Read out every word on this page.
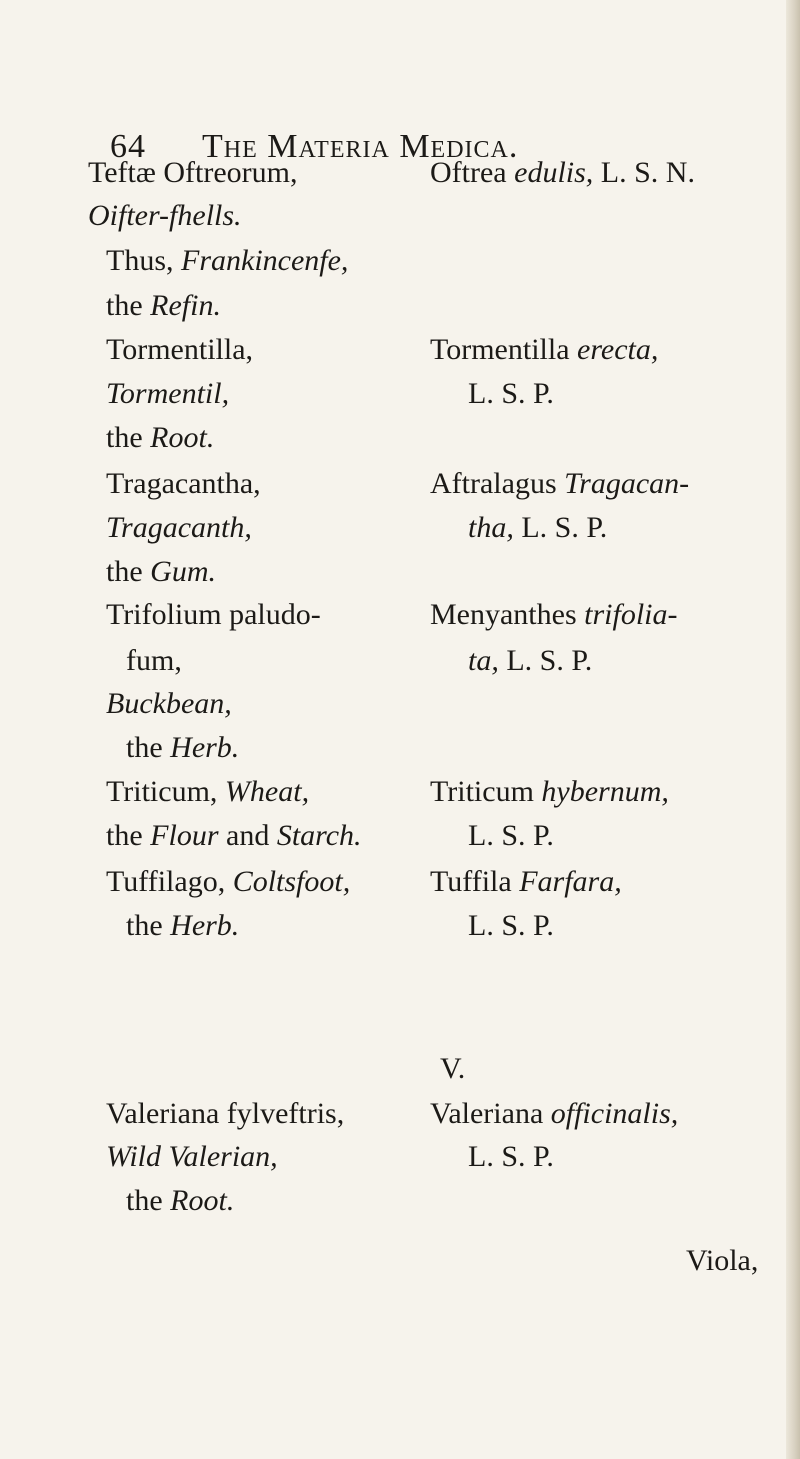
64 The Materia Medica.
Teftæ Oftreorum,
Oifter-fhells.
Thus, Frankincenfe,
the Refin.
Tormentilla,
Tormentil,
the Root.
Tragacantha,
Tragacanth,
the Gum.
Trifolium paludo-
fum,
Buckbean,
the Herb.
Triticum, Wheat,
the Flour and Starch.
Tuffilago, Coltsfoot,
the Herb.
Valeriana fylveftris,
Wild Valerian,
the Root.
Oftrea edulis, L. S. N.
Tormentilla erecta,
L. S. P.
Aftralagus Tragacan-
tha, L. S. P.
Menyanthes trifolia-
ta, L. S. P.
Triticum hybernum,
L. S. P.
Tuffila Farfara,
L. S. P.
Valeriana officinalis,
L. S. P.
V.
Viola,
